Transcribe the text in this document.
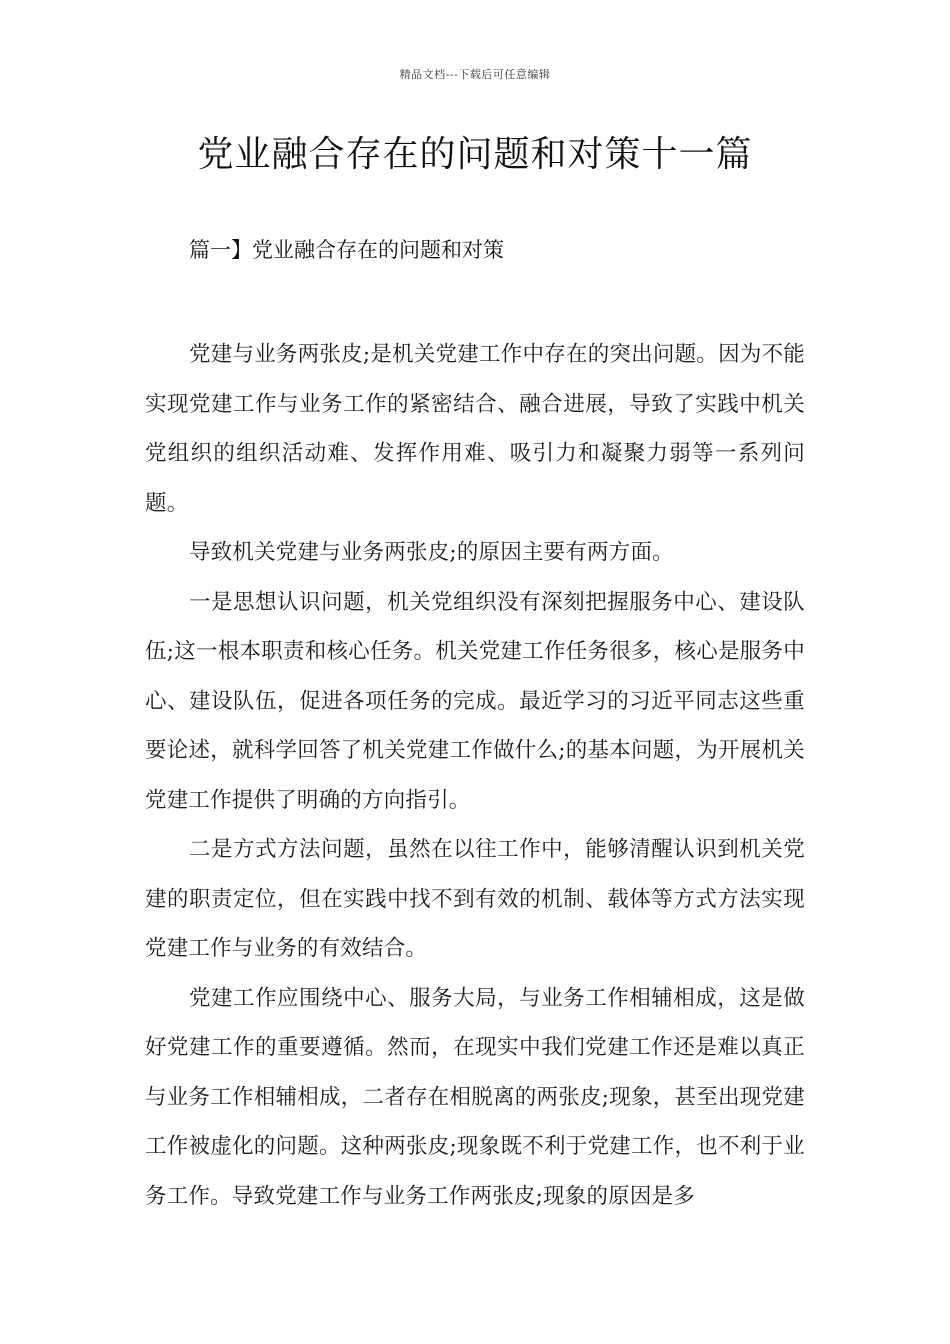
精品文档---下载后可任意编辑
党业融合存在的问题和对策十一篇
篇一】党业融合存在的问题和对策

党建与业务两张皮;是机关党建工作中存在的突出问题。因为不能实现党建工作与业务工作的紧密结合、融合进展，导致了实践中机关党组织的组织活动难、发挥作用难、吸引力和凝聚力弱等一系列问题。

导致机关党建与业务两张皮;的原因主要有两方面。

一是思想认识问题，机关党组织没有深刻把握服务中心、建设队伍;这一根本职责和核心任务。机关党建工作任务很多，核心是服务中心、建设队伍，促进各项任务的完成。最近学习的习近平同志这些重要论述，就科学回答了机关党建工作做什么;的基本问题，为开展机关党建工作提供了明确的方向指引。

二是方式方法问题，虽然在以往工作中，能够清醒认识到机关党建的职责定位，但在实践中找不到有效的机制、载体等方式方法实现党建工作与业务的有效结合。

党建工作应围绕中心、服务大局，与业务工作相辅相成，这是做好党建工作的重要遵循。然而，在现实中我们党建工作还是难以真正与业务工作相辅相成，二者存在相脱离的两张皮;现象，甚至出现党建工作被虚化的问题。这种两张皮;现象既不利于党建工作，也不利于业务工作。导致党建工作与业务工作两张皮;现象的原因是多
